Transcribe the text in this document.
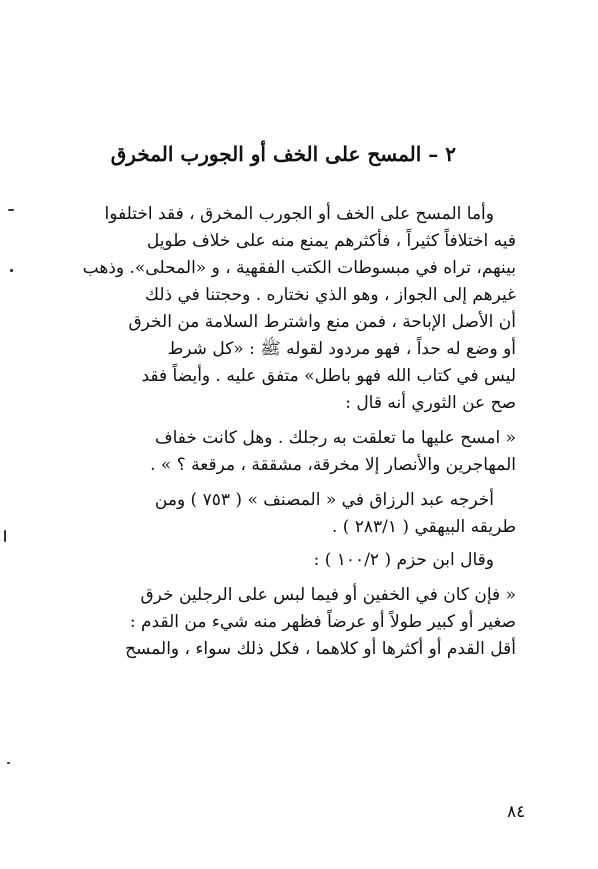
٢ – المسح على الخف أو الجورب المخرق
وأما المسح على الخف أو الجورب المخرق ، فقد اختلفوا
فيه اختلافاً كثيراً ، فأكثرهم يمنع منه على خلاف طويل
بينهم، تراه في مبسوطات الكتب الفقهية ، و «المحلى». وذهب
غيرهم إلى الجواز ، وهو الذي نختاره . وحجتنا في ذلك
أن الأصل الإباحة ، فمن منع واشترط السلامة من الخرق
أو وضع له حداً ، فهو مردود لقوله ﷺ : «كل شرط
ليس في كتاب الله فهو باطل» متفق عليه . وأيضاً فقد
صح عن الثوري أنه قال :
« امسح عليها ما تعلقت به رجلك . وهل كانت خفاف
المهاجرين والأنصار إلا مخرقة، مشققة ، مرقعة ؟ » .
أخرجه عبد الرزاق في « المصنف » ( ٧٥٣ ) ومن
طريقه البيهقي ( ٢٨٣/١ ) .
وقال ابن حزم ( ١٠٠/٢ ) :
« فإن كان في الخفين أو فيما لبس على الرجلين خرق
صغير أو كبير طولاً أو عرضاً فظهر منه شيء من القدم :
أقل القدم أو أكثرها أو كلاهما ، فكل ذلك سواء ، والمسح
٨٤
